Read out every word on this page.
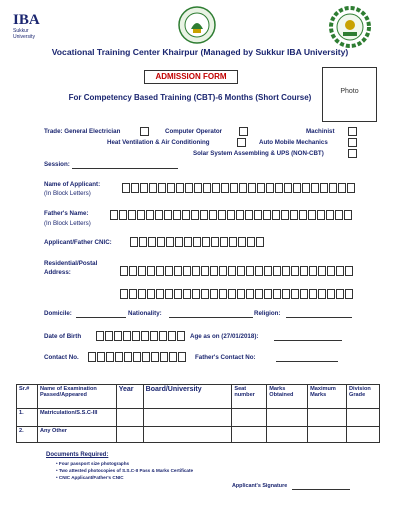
IBA
Sukkur
University
Vocational Training Center Khairpur (Managed by Sukkur IBA University)
ADMISSION FORM
For Competency Based Training (CBT)-6 Months (Short Course)
Photo
Trade: General Electrician	Computer Operator	Machinist
Heat Ventilation & Air Conditioning	Auto Mobile Mechanics
Solar System Assembling & UPS (NON-CBT)
Session:
Name of Applicant:
(In Block Letters)
Father's Name:
(In Block Letters)
Applicant/Father CNIC:
Residential/Postal
Address:
Domicile:	Nationality:	Religion:
Date of Birth	Age as on (27/01/2018):
Contact No.	Father's Contact No:
Sr.#	Name of Examination Passed/Appeared	Year	Board/University	Seat number	Marks Obtained	Maximum Marks	Division Grade
1.	Matriculation/S.S.C-III						
2.	Any Other						
Documents Required:
• Four passport size photographs
• Two attested photocopies of S.S.C-II Pass & Marks Certificate
• CNIC Applicant/Father's CNIC
Applicant's Signature
